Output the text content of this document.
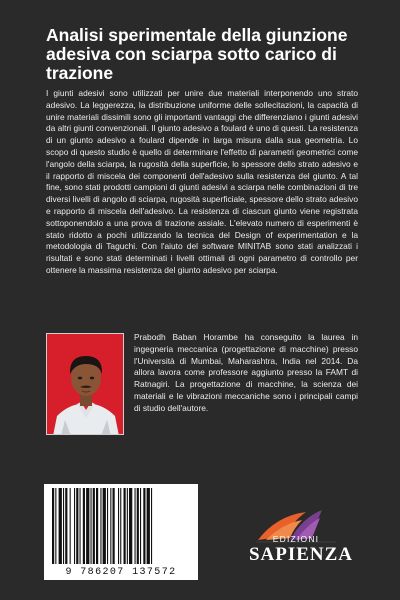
Analisi sperimentale della giunzione adesiva con sciarpa sotto carico di trazione

I giunti adesivi sono utilizzati per unire due materiali interponendo uno strato adesivo. La leggerezza, la distribuzione uniforme delle sollecitazioni, la capacità di unire materiali dissimili sono gli importanti vantaggi che differenziano i giunti adesivi da altri giunti convenzionali. Il giunto adesivo a foulard è uno di questi. La resistenza di un giunto adesivo a foulard dipende in larga misura dalla sua geometria. Lo scopo di questo studio è quello di determinare l'effetto di parametri geometrici come l'angolo della sciarpa, la rugosità della superficie, lo spessore dello strato adesivo e il rapporto di miscela dei componenti dell'adesivo sulla resistenza del giunto. A tal fine, sono stati prodotti campioni di giunti adesivi a sciarpa nelle combinazioni di tre diversi livelli di angolo di sciarpa, rugosità superficiale, spessore dello strato adesivo e rapporto di miscela dell'adesivo. La resistenza di ciascun giunto viene registrata sottoponendolo a una prova di trazione assiale. L'elevato numero di esperimenti è stato ridotto a pochi utilizzando la tecnica del Design of experimentation e la metodologia di Taguchi. Con l'aiuto del software MINITAB sono stati analizzati i risultati e sono stati determinati i livelli ottimali di ogni parametro di controllo per ottenere la massima resistenza del giunto adesivo per sciarpa.

Prabodh Baban Horambe ha conseguito la laurea in ingegneria meccanica (progettazione di macchine) presso l'Università di Mumbai, Maharashtra, India nel 2014. Da allora lavora come professore aggiunto presso la FAMT di Ratnagiri. La progettazione di macchine, la scienza dei materiali e le vibrazioni meccaniche sono i principali campi di studio dell'autore.

9 786207 137572
EDIZIONI
SAPIENZA
